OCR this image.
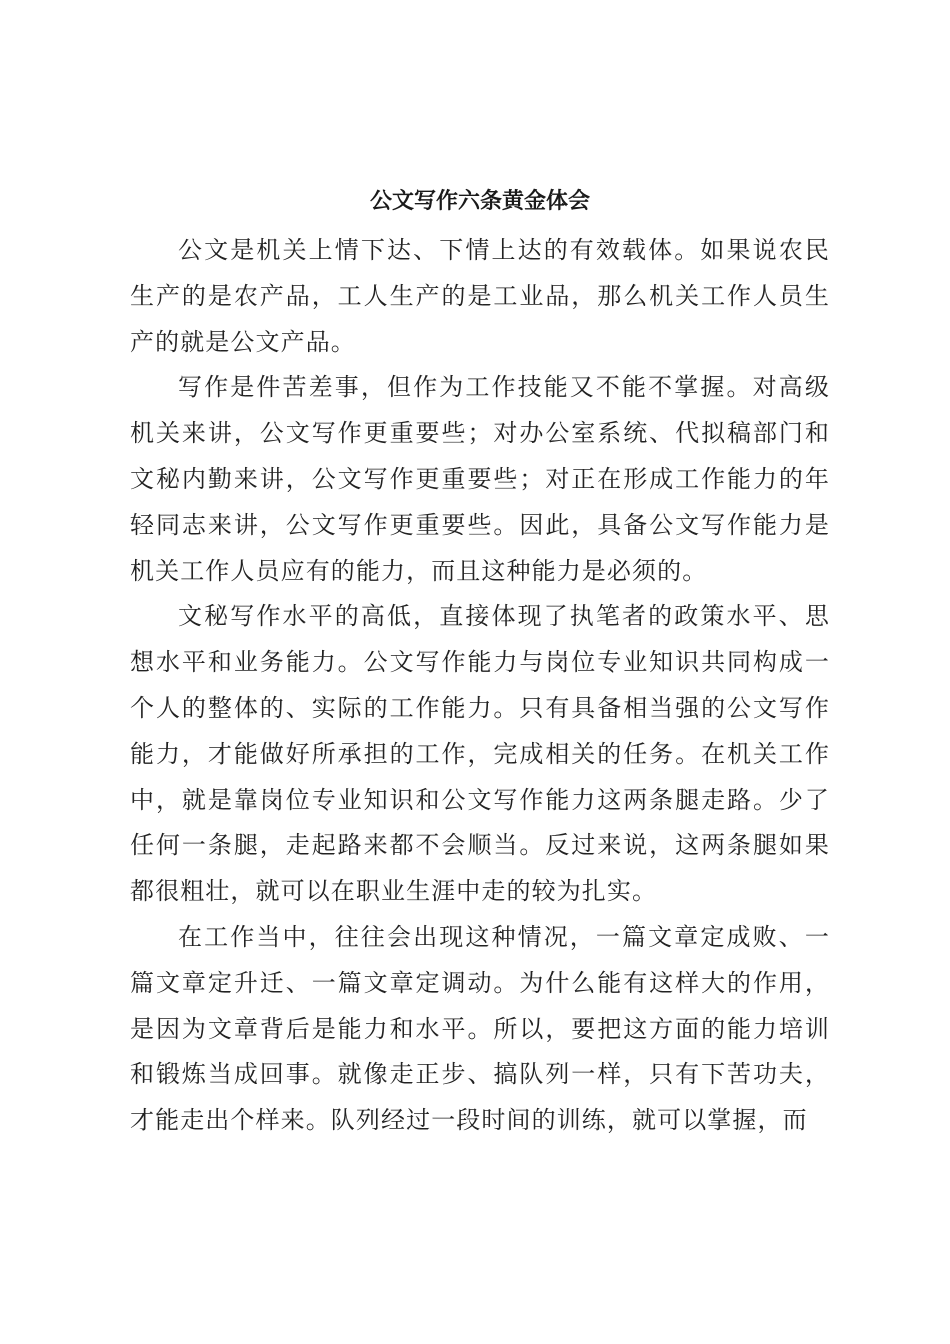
公文写作六条黄金体会

公文是机关上情下达、下情上达的有效载体。如果说农民生产的是农产品，工人生产的是工业品，那么机关工作人员生产的就是公文产品。

写作是件苦差事，但作为工作技能又不能不掌握。对高级机关来讲，公文写作更重要些；对办公室系统、代拟稿部门和文秘内勤来讲，公文写作更重要些；对正在形成工作能力的年轻同志来讲，公文写作更重要些。因此，具备公文写作能力是机关工作人员应有的能力，而且这种能力是必须的。

文秘写作水平的高低，直接体现了执笔者的政策水平、思想水平和业务能力。公文写作能力与岗位专业知识共同构成一个人的整体的、实际的工作能力。只有具备相当强的公文写作能力，才能做好所承担的工作，完成相关的任务。在机关工作中，就是靠岗位专业知识和公文写作能力这两条腿走路。少了任何一条腿，走起路来都不会顺当。反过来说，这两条腿如果都很粗壮，就可以在职业生涯中走的较为扎实。

在工作当中，往往会出现这种情况，一篇文章定成败、一篇文章定升迁、一篇文章定调动。为什么能有这样大的作用，是因为文章背后是能力和水平。所以，要把这方面的能力培训和锻炼当成回事。就像走正步、搞队列一样，只有下苦功夫，才能走出个样来。队列经过一段时间的训练，就可以掌握，而
